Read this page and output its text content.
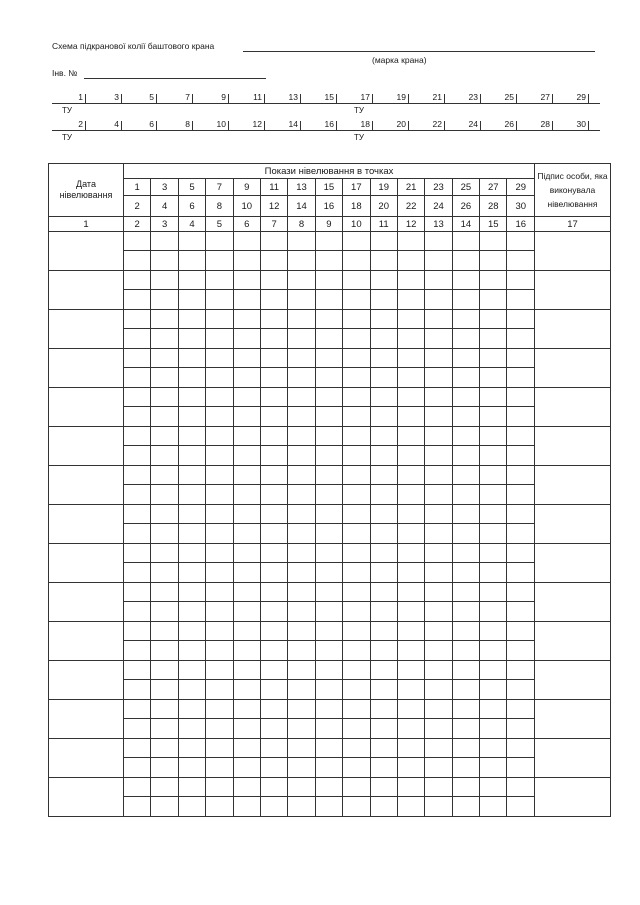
Схема підкранової колії баштового крана
(марка крана)
Інв. №
1	3	5	7	9	11	13	15	17	19	21	23	25	27	29
ТУ	ТУ
2	4	6	8	10	12	14	16	18	20	22	24	26	28	30
ТУ	ТУ
Дата нівелювання	Покази нівелювання в точках															Підпис особи, яка виконувала нівелювання
	1	3	5	7	9	11	13	15	17	19	21	23	25	27	29	
	2	4	6	8	10	12	14	16	18	20	22	24	26	28	30	
1	2	3	4	5	6	7	8	9	10	11	12	13	14	15	16	17
